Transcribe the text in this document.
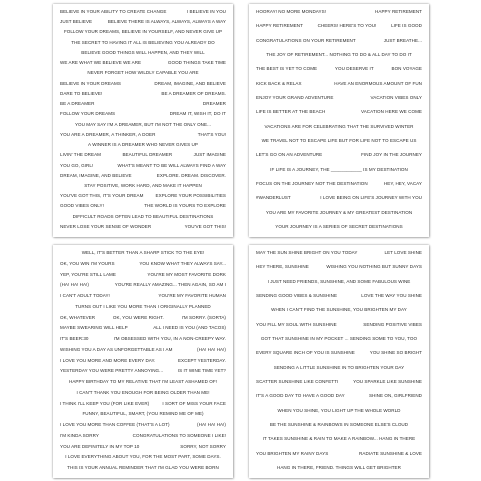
BELIEVE IN YOUR ABILITY TO CREATE CHANGE	I BELIEVE IN YOU
JUST BELIEVE	BELIEVE THERE IS ALWAYS, ALWAYS, ALWAYS A WAY
FOLLOW YOUR DREAMS, BELIEVE IN YOURSELF, AND NEVER GIVE UP
THE SECRET TO HAVING IT ALL IS BELIEVING YOU ALREADY DO
BELIEVE GOOD THINGS WILL HAPPEN, AND THEY WILL
WE ARE WHAT WE BELIEVE WE ARE	GOOD THINGS TAKE TIME
NEVER FORGET HOW WILDLY CAPABLE YOU ARE
BELIEVE IN YOUR DREAMS	DREAM, IMAGINE, AND BELIEVE
DARE TO BELIEVE!	BE A DREAMER OF DREAMS.
BE A DREAMER	DREAMER
FOLLOW YOUR DREAMS	DREAM IT, WISH IT, DO IT
YOU MAY SAY I'M A DREAMER, BUT I'M NOT THE ONLY ONE...
YOU ARE A DREAMER, A THINKER, A DOER	THAT'S YOU!
A WINNER IS A DREAMER WHO NEVER GIVES UP
LIVIN' THE DREAM	BEAUTIFUL DREAMER	JUST IMAGINE
YOU GO, GIRL!	WHAT'S MEANT TO BE WILL ALWAYS FIND A WAY
DREAM, IMAGINE, AND BELIEVE	EXPLORE. DREAM. DISCOVER.
STAY POSITIVE, WORK HARD, AND MAKE IT HAPPEN
YOU'VE GOT THIS, IT'S YOUR DREAM	EXPLORE YOUR POSSIBILITIES
GOOD VIBES ONLY!	THE WORLD IS YOURS TO EXPLORE
DIFFICULT ROADS OFTEN LEAD TO BEAUTIFUL DESTINATIONS
NEVER LOSE YOUR SENSE OF WONDER	YOU'VE GOT THIS!
HOORAY! NO MORE MONDAYS!	HAPPY RETIREMENT
HAPPY RETIREMENT	CHEERS! HERE'S TO YOU!	LIFE IS GOOD
CONGRATULATIONS ON YOUR RETIREMENT	JUST BREATHE...
THE JOY OF RETIREMENT... NOTHING TO DO & ALL DAY TO DO IT
THE BEST IS YET TO COME	YOU DESERVE IT	BON VOYAGE
KICK BACK & RELAX	HAVE AN ENORMOUS AMOUNT OF FUN
ENJOY YOUR GRAND ADVENTURE	VACATION VIBES ONLY
LIFE IS BETTER AT THE BEACH	VACATION HERE WE COME
VACATIONS ARE FOR CELEBRATING THAT THE SURVIVED WINTER
WE TRAVEL NOT TO ESCAPE LIFE BUT FOR LIFE NOT TO ESCAPE US
LET'S GO ON AN ADVENTURE	FIND JOY IN THE JOURNEY
IF LIFE IS A JOURNEY, THE ____________ IS MY DESTINATION
FOCUS ON THE JOURNEY NOT THE DESTINATION	HEY, HEY, VACAY
#WANDERLUST	I LOVE BEING ON LIFE'S JOURNEY WITH YOU
YOU ARE MY FAVORITE JOURNEY & MY GREATEST DESTINATION
YOUR JOURNEY IS A SERIES OF SECRET DESTINATIONS
WELL, IT'S BETTER THAN A SHARP STICK TO THE EYE!
OK, YOU WIN I'M YOURS	YOU KNOW WHAT THEY ALWAYS SAY...
YEP, YOU'RE STILL LAME	YOU'RE MY MOST FAVORITE DORK
(HA! HA! HA!)	YOU'RE REALLY AMAZING... THEN AGAIN, SO AM I
I CAN'T ADULT TODAY!	YOU'RE MY FAVORITE HUMAN
TURNS OUT I LIKE YOU MORE THAN I ORIGINALLY PLANNED
OK, WHATEVER	OK, YOU WERE RIGHT.	I'M SORRY. (SORTA)
MAYBE SWEARING WILL HELP	ALL I NEED IS YOU (AND TACOS)
IT'S BEER:30	I'M OBSESSED WITH YOU, IN A NON-CREEPY WAY.
WISHING YOU A DAY AS UNFORGETTABLE AS I AM	(HA! HA! HA!)
I LOVE YOU MORE AND MORE EVERY DAY.	EXCEPT YESTERDAY.
YESTERDAY YOU WERE PRETTY ANNOYING...	IS IT WINE TIME YET?
HAPPY BIRTHDAY TO MY RELATIVE THAT I'M LEAST ASHAMED OF!
I CAN'T THANK YOU ENOUGH FOR BEING OLDER THAN ME!
I THINK I'LL KEEP YOU (FOR LIKE EVER)	I SORT OF MISS YOUR FACE
FUNNY, BEAUTIFUL, SMART, (YOU REMIND ME OF ME)
I LOVE YOU MORE THAN COFFEE (THAT'S A LOT)	(HA! HA! HA!)
I'M KINDA SORRY	CONGRATULATIONS TO SOMEONE I LIKE!
YOU ARE DEFINITELY IN MY TOP 10	SORRY, NOT SORRY
I LOVE EVERYTHING ABOUT YOU, FOR THE MOST PART, SOME DAYS.
THIS IS YOUR ANNUAL REMINDER THAT I'M GLAD YOU WERE BORN
MAY THE SUN SHINE BRIGHT ON YOU TODAY	LET LOVE SHINE
HEY THERE, SUNSHINE	WISHING YOU NOTHING BUT SUNNY DAYS
I JUST NEED FRIENDS, SUNSHINE, AND SOME FABULOUS WINE
SENDING GOOD VIBES & SUNSHINE	LOVE THE WAY YOU SHINE
WHEN I CAN'T FIND THE SUNSHINE, YOU BRIGHTEN MY DAY
YOU FILL MY SOUL WITH SUNSHINE	SENDING POSITIVE VIBES
GOT THAT SUNSHINE IN MY POCKET ... SENDING SOME TO YOU, TOO
EVERY SQUARE INCH OF YOU IS SUNSHINE	YOU SHINE SO BRIGHT
SENDING A LITTLE SUNSHINE IN TO BRIGHTEN YOUR DAY
SCATTER SUNSHINE LIKE CONFETTI	YOU SPARKLE LIKE SUNSHINE
IT'S A GOOD DAY TO HAVE A GOOD DAY	SHINE ON, GIRLFRIEND
WHEN YOU SHINE, YOU LIGHT UP THE WHOLE WORLD
BE THE SUNSHINE & RAINBOWS IN SOMEONE ELSE'S CLOUD
IT TAKES SUNSHINE & RAIN TO MAKE A RAINBOW... HANG IN THERE
YOU BRIGHTEN MY RAINY DAYS	RADIATE SUNSHINE & LOVE
HANG IN THERE, FRIEND. THINGS WILL GET BRIGHTER
